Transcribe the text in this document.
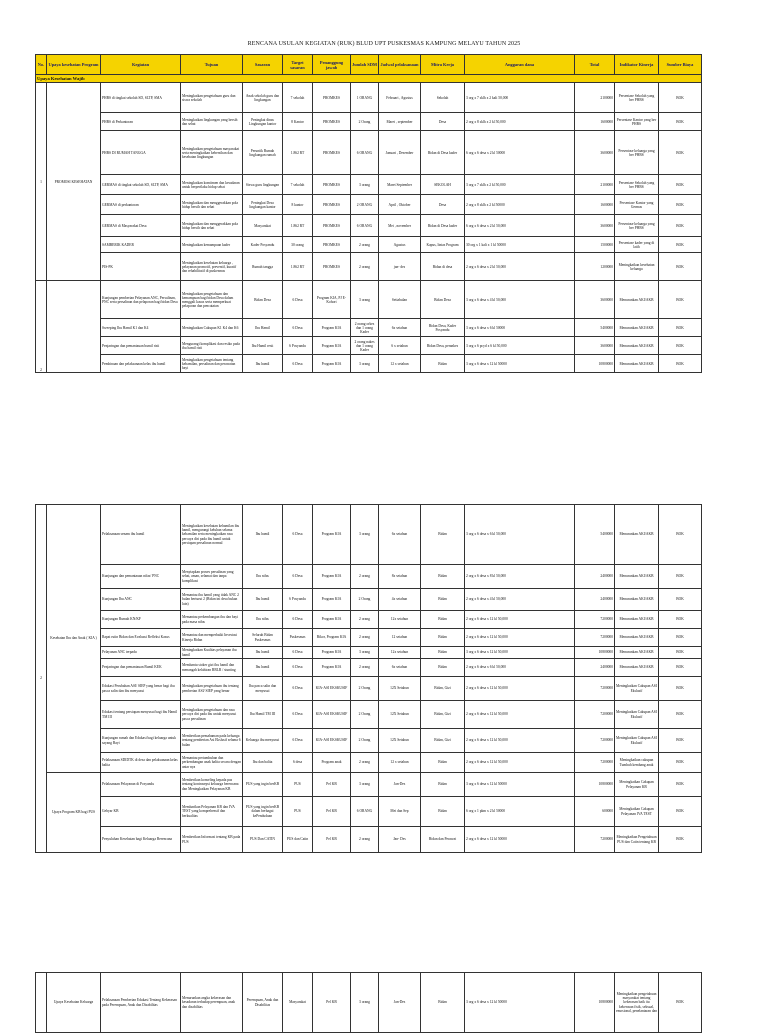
RENCANA USULAN KEGIATAN (RUK) BLUD UPT PUSKESMAS KAMPUNG MELAYU TAHUN 2025
No.	Upaya kesehatan Program	Kegiatan	Tujuan	Sasaran	Target sasaran	Penanggung jawab	Jumlah SDM	Jadwal pelaksanaan	Mitra Kerja	Anggaran dana	Total	Indikator Kinerja	Sumber Biaya
Upaya Kesehatan Wajib													
1	PROMOSI KESEHATAN	PHBS di tingkat sekolah SD, SLTP, SMA	Meningkatkan pengetahuan guru dan siswa sekolah	Anak sekolah guru dan lingkungan	7 sekolah	PROMKES	1 ORANG	Februari , Agustus	Sekolah	3 org x 7 sklh x 2 kali 50,000	2100000	Persentase Sekolah yang ber PHBS	BOK
		PHBS di Perkantoran	Meningkatkan lingkungan yang bersih dan sehat	Peningkat dinas Lingkungan kantor	8 Kantor	PROMKES	2 Orang	Maret , september	Desa	2 org x 8 sklh x 2 kl 50,000	1600000	Persentase Kantor yang ber PHBS	BOK
		PHBS DI RUMAH TANGGA	Meningkatkan pengetahuan masyarakat serta meningkatkan kebersihan dan kesehatan lingkungan	Peruntik Rumah lingkungan rumah	1.862 RT	PROMKES	6 ORANG	Januari , Desember	Bidan di Desa kader	6 org x 6 desa x 2 kl 50000	3600000	Persentase keluarga yang ber PHBS	BOK
		GERMAS di tingkat sekolah SD, SLTP, SMA	Meningkatkan komitmen dan kesadaran untuk berperilaku hidup sehat	Siswa guru lingkungan	7 sekolah	PROMKES	3 orang	Maret September	SEKOLAH	3 org x 7 sklh x 2 kl 50,000	2100000	Persentase Sekolah yang ber PHBS	BOK
		GERMAS di perkantoran	Meningkatkan dan menggerakkan pola hidup bersih dan sehat	Peningkat Desa lingkungan kantor	8 kantor	PROMKES	2 ORANG	April , Oktober	Desa	2 org x 8 sklh x 2 kl 50000	1600000	Persentase Kantor yang Germas	BOK
		GERMAS di Masyarakat Desa	Meningkatkan dan menggerakkan pola hidup bersih dan sehat	Masyarakat	1.862 RT	PROMKES	6 ORANG	Mei , november	Bidan di Desa kader	6 org x 6 desa x 2 kl 50,000	3600000	Persentase keluarga yang ber PHBS	BOK
		SAMBERIK KADER	Meningkatkan kemampuan kader	Kader Posyandu	30 orang	PROMKES	2 orang	Agustus	Kapus, lintas Program	30 org x 1 kali x 1 kl 50000	1500000	Persentase kader yang di latih	BOK
		PIS-PK	Meningkatkan kesehatan keluarga , pelayanan promotif, preventif, kuratif dan rehabilitatif di puskesmas	Rumah tangga	1.862 RT	PROMKES	2 orang	jan- des	Bidan di desa	2 org x 6 desa x 2 kl 50,000	1200000	Meningkatkan kesehatan keluarga	BOK
2		Kunjungan pemberian Pelayanan ANC, Persalinan, PNC serta persalinan dan pelaporan bagi bidan Desa	Meningkatkan pengetahuan dan kemampuan bagi bidan Desa dalam menggali kasus serta memperkuat pelaporan dan pencatatan	Bidan Desa	6 Desa	Program KIA, PJ E-Kohort	3 orang	Setiabulan	Bidan Desa	3 org x 6 desa x 4 kl 50,000	3600000	Menurunkan AKI/AKB	BOK
		Sweeping Ibu Hamil K1 dan K4	Meningkatkan Cakupan K1 K4 dan K6	Ibu Hamil	6 Desa	Program KIA	2 orang orkes dan 1 orang Kader	6x setahun	Bidan Desa, Kader Posyandu	3 org x 6 desa x 6 kl 50000	5400000	Menurunkan AKI/AKB	BOK
		Penjaringan dan pemantauan bumil risti	Mengurangi komplikasi dan resiko pada ibu hamil risti	Ibu Hamil resti	6 Posyandu	Program KIA	2 orang nakes dan 1 orang Kader	6 x setahun	Bidan Desa, perankes	3 org x 6 pcyd x 6 kl 50,000	3600000	Menurunkan AKI/AKB	BOK
		Pembinaan dan pelaksanaan kelas ibu hamil	Meningkatkan pengetahuan tentang kehamilan, persalinan dan perawatan bayi	Ibu hamil	6 Desa	Program KIA	3 orang	12 x setahun	Bidan	3 org x 6 desa x 12 kl 50000	10800000	Menurunkan AKI/AKB	BOK
2	Kesehatan Ibu dan Anak ( KIA )	Pelaksanaan senam ibu hamil	Meningkatkan kesehatan kehamilan ibu hamil, mengurangi keluhan selama kehamilan serta meningkatkan rasa percaya diri pada ibu hamil untuk persiapan persalinan normal	Ibu hamil	6 Desa	Program KIA	3 orang	6x setahun	Bidan	3 org x 6 desa x 6 kl 50,000	5400000	Menurunkan AKI/AKB	BOK
		Kunjungan dan pemantauan nifas/ PNC	Menyiapkan proses persalinan yang sehat, aman, selamat dan tanpa komplikasi	Ibu nifas	6 Desa	Program KIA	2 orang	8x setahun	Bidan	2 org x 6 desa x 8 kl 50,000	2400000	Menurunkan AKI/AKB	BOK
		Kunjungan Ibu ANC	Memantau ibu hamil yang tidak ANC 2 bulan berturut 2 (Bidan ini desa bukan lain)	Ibu hamil	6 Posyandu	Program KIA	2 Orang	4x setahun	Bidan	2 org x 6 desa x 4 kl 50,000	2400000	Menurunkan AKI/AKB	BOK
		Kunjungan Rumah KN/KF	Memantau perkembangan ibu dan bayi pada masa nifas	Ibu nifas	6 Desa	Program KIA	2 orang	12x setahun	Bidan	2 org x 6 desa x 12 kl 50,000	7200000	Menurunkan AKI/AKB	BOK
		Rapat rutin Bidan dan Evaluasi Refleksi Kasus	Memantau dan memperbaiki Investasi Kinerja Bidan	Seluruh Bidan Puskesmas	Puskesmas	Bikor, Program KIA	2 orang	12 setahun	Bidan	2 org x 6 desa x 12 kl 50,000	7200000	Menurunkan AKI/AKB	BOK
		Pelayanan ANC terpadu	Meningkatkan Kualitas pelayanan ibu hamil	Ibu hamil	6 Desa	Program KIA	3 orang	12x setahun	Bidan	3 org x 6 desa x 12 kl 50,000	10800000	Menurunkan AKI/AKB	BOK
		Penjaringan dan pemantauan Bumil KEK	Membantu stoker gizi ibu hamil dan menangah kelahiran BBLR / stunting	Ibu hamil	6 Desa	Program KIA	2 orang	6x setahun	Bidan	2 org x 6 desa x 6 kl 50,000	2400000	Menurunkan AKI/AKB	BOK
		Edukasi Perubahan ASI/ SIEP yang benar bagi ibu pasca salin dan ibu menyusui	Meningkatkan pengetahuan ibu tentang pemberian ASI/ SIEP yang benar	Ibu pasca salin dan menyusui	6 Desa	KIA-ASI EKSKUSIF	2 Orang	12X Setahun	Bidan, Gizi	2 org x 6 desa x 12 kl 50,000	7200000	Meningkatkan Cakupan ASI Ekslusif	BOK
		Edukasi tentang persiapan menyusui bagi ibu Hamil TM III	Meningkatkan pengetahuan dan rasa percaya diri pada ibu untuk menyusui pasca persalinan	Ibu Hamil TM III	6 Desa	KIA-ASI EKSKUSIF	2 Orang	12X Setahun	Bidan, Gizi	2 org x 6 desa x 12 kl 50,000	7200000	Meningkatkan Cakupan ASI Ekslusif	BOK
		Kunjungan rumah dan Edukasi bagi keluarga untuk sayang Bayi	Memberikan pemahaman pada keluarga tentang pemberian Asi Ekslusif selama 6 bulan	Keluarga ibu menyusui	6 Desa	KIA-ASI EKSKUSIF	2 Orang	12X Setahun	Bidan, Gizi	2 org x 6 desa x 12 kl 50,000	7200000	Meningkatkan Cakupan ASI Ekslusif	BOK
		Pelaksanaan SDIDTK di desa dan pelaksanaan kelas balita	Memantau pertumbuhan dan perkembangan anak balita secara dengan antar nya	Ibu dan balita	6 desa	Program anak	2 orang	12 x setahun	Bidan	2 org x 6 desa x 12 kl 50,000	7200000	Meningkatkan cakupan Tumbuh kembang anak	BOK
	Upaya Program KB bagi PUS	Pelaksanaan Pelayanan di Posyandu	Memberikan konseling kepada pus tentang kontrasepsi keluarga berencana dan Meningkatkan Pelayanan KB	PUS yang ingin berKB	PUS	Pel KB	3 orang	Jan-Des	Bidan	3 org x 6 desa x 12 kl 50000	10800000	Meningkatkan Cakupan Pelayanan KB	BOK
		Gebyar KB	Membarikan Pelayanan KB dan IVA TEST yang komprehensif dan berkualitas	PUS yang ingin berKB dalam berbagai kePenduduan	PUS	Pel KB	6 ORANG	Mei dan Sep	Bidan	6 org x 1 pkm x 2 kl 50000	600000	Meningkatkan Cakupan Pelayanan IVA TEST	BOK
		Penyuluhan Kesehatan bagi Keluarga Berencana	Memberikan Informasi tentang KB pada PUS	PUS Dan CATIN	PUS dan Catin	Pel KB	2 orang	Jan- Des	Bidan dan Perawat	2 org x 6 desa x 12 kl 50000	7200000	Meningkatkan Pengetahuan PUS dan Catin tentang KB	BOK
	Upaya Kesehatan Keluarga	Pelaksanaan Pemberian Edukasi Tentang Kekerasan pada Perempuan, Anak dan Disabilitas	Menurunkan angka kekerasan dan kesadaran terhadap perempuan, anak dan disabilitas	Perempuan, Anak dan Disabilitas	Masyarakat	Pel KB	3 orang	Jan-Des	Bidan	3 org x 6 desa x 12 kl 50000	10800000	Meningkatkan pengetahuan masyarakat tentang kekerasan baik itu kekerasan fisik, seksual, emosional, penelantaran dan	BOK
